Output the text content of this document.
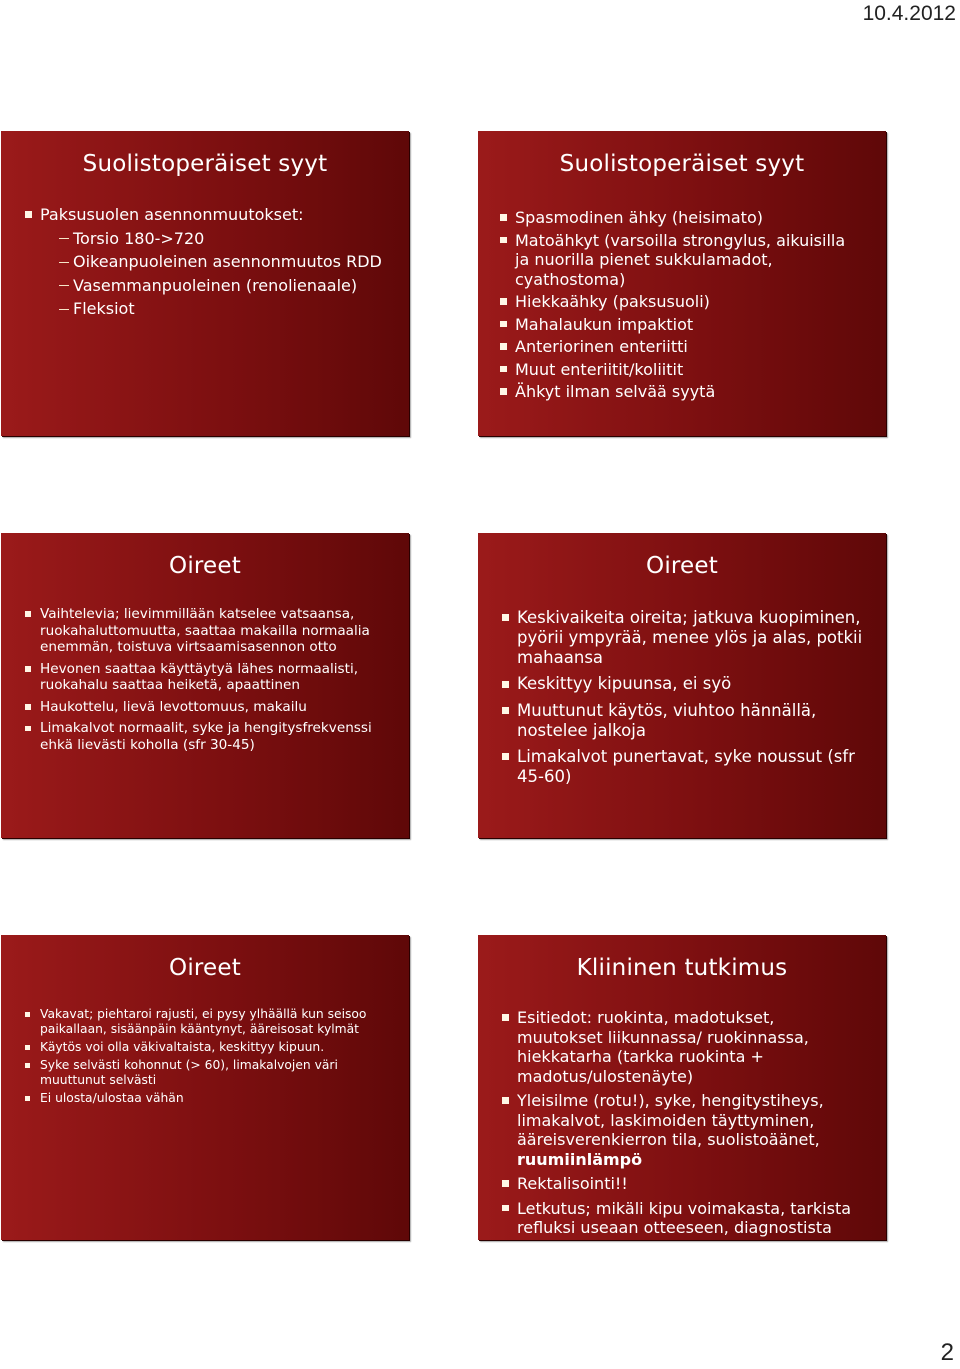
10.4.2012
Suolistoperäiset syyt
Paksusuolen asennonmuutokset:
Torsio 180->720
Oikeanpuoleinen asennonmuutos RDD
Vasemmanpuoleinen (renolienaale)
Fleksiot
Suolistoperäiset syyt
Spasmodinen ähky (heisimato)
Matoähkyt (varsoilla strongylus, aikuisilla ja nuorilla pienet sukkulamadot, cyathostoma)
Hiekkaähky (paksusuoli)
Mahalaukun impaktiot
Anteriorinen enteriitti
Muut enteriitit/koliitit
Ähkyt ilman selvää syytä
Oireet
Vaihtelevia; lievimmillään katselee vatsaansa, ruokahaluttomuutta, saattaa makailla normaalia enemmän, toistuva virtsaamisasennon otto
Hevonen saattaa käyttäytyä lähes normaalisti, ruokahalu saattaa heiketä, apaattinen
Haukottelu, lievä levottomuus, makailu
Limakalvot normaalit, syke ja hengitysfrekvenssi ehkä lievästi koholla (sfr 30-45)
Oireet
Keskivaikeita oireita; jatkuva kuopiminen, pyörii ympyrää, menee ylös ja alas, potkii mahaansa
Keskittyy kipuunsa, ei syö
Muuttunut käytös, viuhtoo hännällä, nostelee jalkoja
Limakalvot punertavat, syke noussut (sfr 45-60)
Oireet
Vakavat; piehtaroi rajusti, ei pysy ylhäällä kun seisoo paikallaan, sisäänpäin kääntynyt, ääreisosat kylmät
Käytös voi olla väkivaltaista, keskittyy kipuun.
Syke selvästi kohonnut (> 60), limakalvojen väri muuttunut selvästi
Ei ulosta/ulostaa vähän
Kliininen tutkimus
Esitiedot: ruokinta, madotukset, muutokset liikunnassa/ ruokinnassa, hiekkatarha (tarkka ruokinta + madotus/ulostenäyte)
Yleisilme (rotu!), syke, hengitystiheys, limakalvot, laskimoiden täyttyminen, ääreisverenkierron tila, suolistoäänet, ruumiinlämpö
Rektalisointi!!
Letkutus; mikäli kipu voimakasta, tarkista refluksi useaan otteeseen, diagnostista
2
